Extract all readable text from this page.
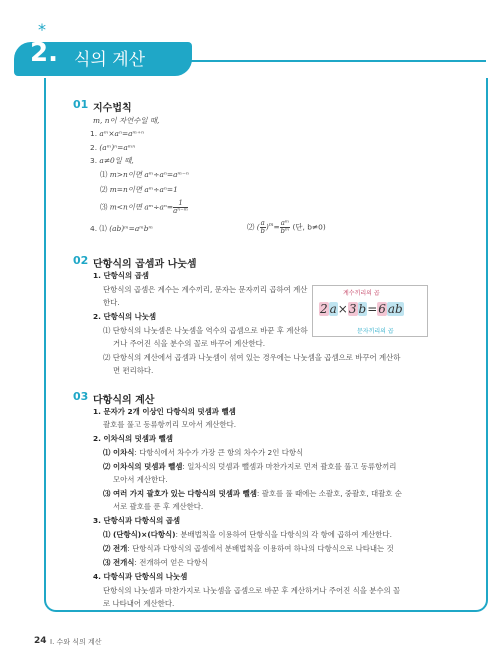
*
2. 식의 계산
01 지수법칙
m, n이 자연수일 때,
1. aᵐ×aⁿ=aᵐ⁺ⁿ
2. (aᵐ)ⁿ=aᵐⁿ
3. a≠0일 때,
⑴ m>n이면 aᵐ÷aⁿ=aᵐ⁻ⁿ
⑵ m=n이면 aᵐ÷aⁿ=1
⑶ m<n이면 aᵐ÷aⁿ= $\frac{1}{\text{aⁿ⁻ᵐ}}$
4. ⑴ (ab)ᵐ=aᵐbᵐ	⑵ ( $\frac{a}{b} )^m= \frac{\text{aᵐ}}{\text{bᵐ}}$ (단, b≠0)
02 단항식의 곱셈과 나눗셈
1. 단항식의 곱셈
단항식의 곱셈은 계수는 계수끼리, 문자는 문자끼리 곱하여 계산
한다.
2. 단항식의 나눗셈
⑴ 단항식의 나눗셈은 나눗셈을 역수의 곱셈으로 바꾼 후 계산하
거나 주어진 식을 분수의 꼴로 바꾸어 계산한다.
⑵ 단항식의 계산에서 곱셈과 나눗셈이 섞여 있는 경우에는 나눗셈을 곱셈으로 바꾸어 계산하
면 편리하다.
계수끼리의 곱
2 a×3 b=6 ab
문자끼리의 곱
03 다항식의 계산
1. 문자가 2개 이상인 다항식의 덧셈과 뺄셈
괄호를 풀고 동류항끼리 모아서 계산한다.
2. 이차식의 덧셈과 뺄셈
⑴ 이차식: 다항식에서 차수가 가장 큰 항의 차수가 2인 다항식
⑵ 이차식의 덧셈과 뺄셈: 일차식의 덧셈과 뺄셈과 마찬가지로 먼저 괄호를 풀고 동류항끼리
모아서 계산한다.
⑶ 여러 가지 괄호가 있는 다항식의 덧셈과 뺄셈: 괄호를 풀 때에는 소괄호, 중괄호, 대괄호 순
서로 괄호를 푼 후 계산한다.
3. 단항식과 다항식의 곱셈
⑴ (단항식)×(다항식): 분배법칙을 이용하여 단항식을 다항식의 각 항에 곱하여 계산한다.
⑵ 전개: 단항식과 다항식의 곱셈에서 분배법칙을 이용하여 하나의 다항식으로 나타내는 것
⑶ 전개식: 전개하여 얻은 다항식
4. 다항식과 단항식의 나눗셈
단항식의 나눗셈과 마찬가지로 나눗셈을 곱셈으로 바꾼 후 계산하거나 주어진 식을 분수의 꼴
로 나타내어 계산한다.
24 I. 수와 식의 계산
